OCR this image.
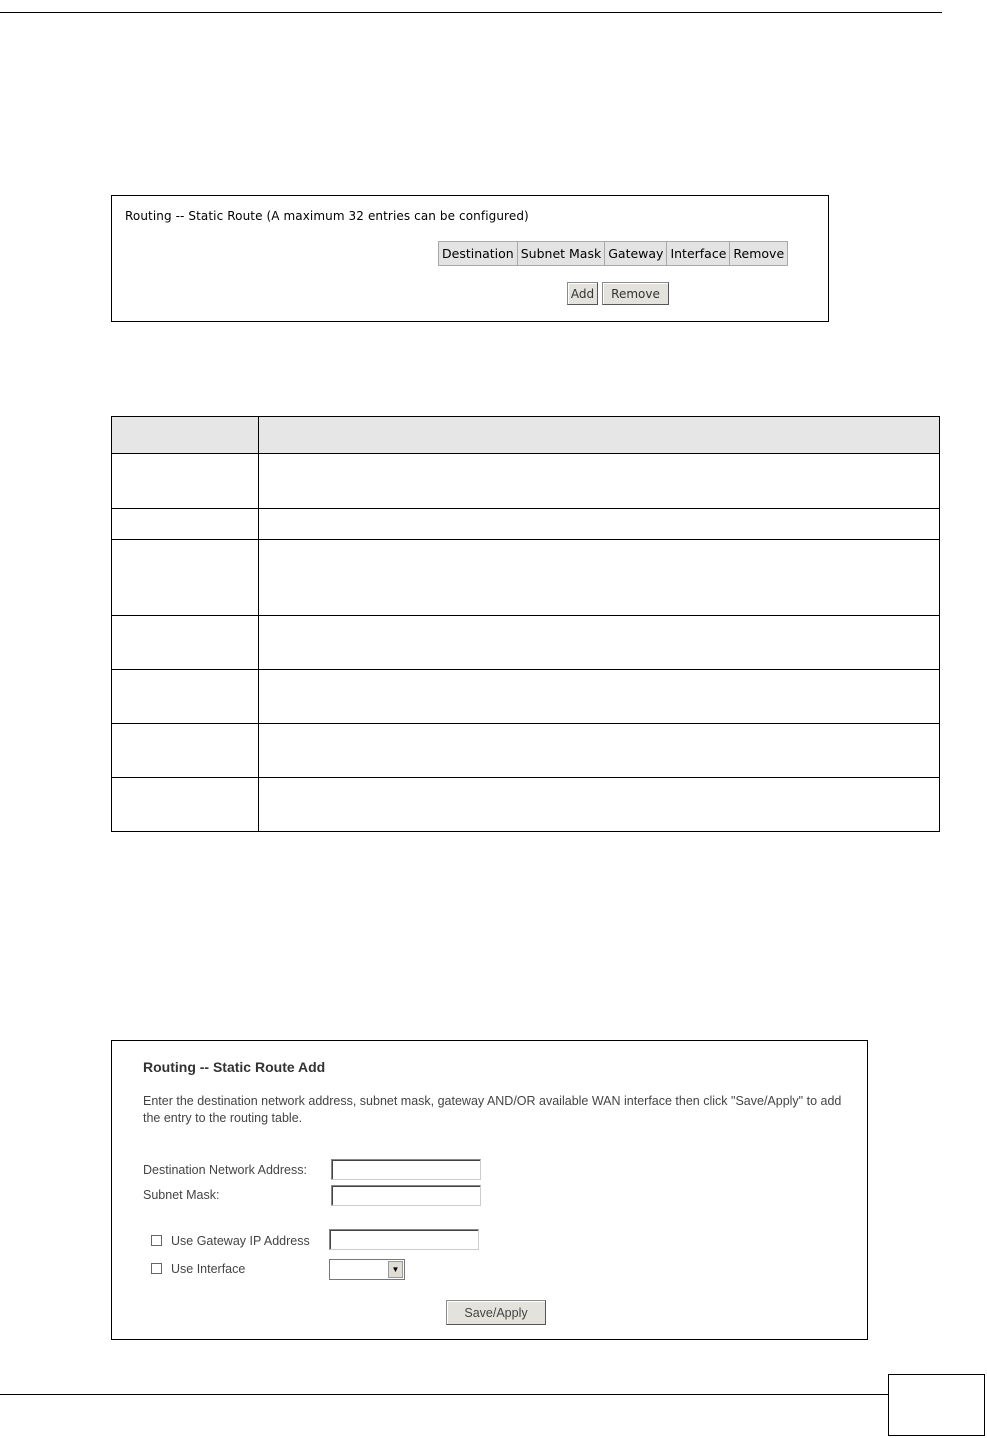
Routing -- Static Route (A maximum 32 entries can be configured)
Destination	Subnet Mask	Gateway	Interface	Remove
Add	Remove

Routing -- Static Route Add
Enter the destination network address, subnet mask, gateway AND/OR available WAN interface then click "Save/Apply" to add the entry to the routing table.
Destination Network Address:
Subnet Mask:
Use Gateway IP Address
Use Interface	▼
Save/Apply
